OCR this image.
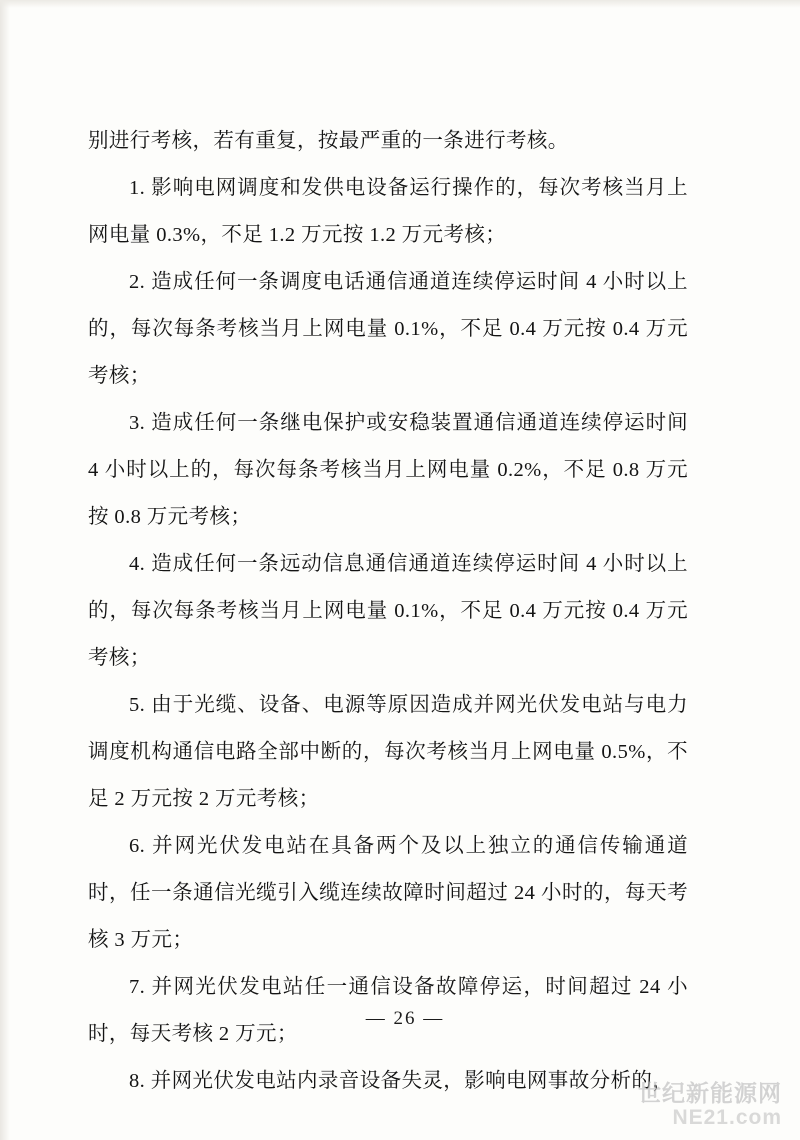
别进行考核，若有重复，按最严重的一条进行考核。

1. 影响电网调度和发供电设备运行操作的，每次考核当月上网电量 0.3%，不足 1.2 万元按 1.2 万元考核；

2. 造成任何一条调度电话通信通道连续停运时间 4 小时以上的，每次每条考核当月上网电量 0.1%，不足 0.4 万元按 0.4 万元考核；

3. 造成任何一条继电保护或安稳装置通信通道连续停运时间 4 小时以上的，每次每条考核当月上网电量 0.2%，不足 0.8 万元按 0.8 万元考核；

4. 造成任何一条远动信息通信通道连续停运时间 4 小时以上的，每次每条考核当月上网电量 0.1%，不足 0.4 万元按 0.4 万元考核；

5. 由于光缆、设备、电源等原因造成并网光伏发电站与电力调度机构通信电路全部中断的，每次考核当月上网电量 0.5%，不足 2 万元按 2 万元考核；

6. 并网光伏发电站在具备两个及以上独立的通信传输通道时，任一条通信光缆引入缆连续故障时间超过 24 小时的，每天考核 3 万元；

7. 并网光伏发电站任一通信设备故障停运，时间超过 24 小时，每天考核 2 万元；

8. 并网光伏发电站内录音设备失灵，影响电网事故分析的，

— 26 —
世纪新能源网
NE21.com
